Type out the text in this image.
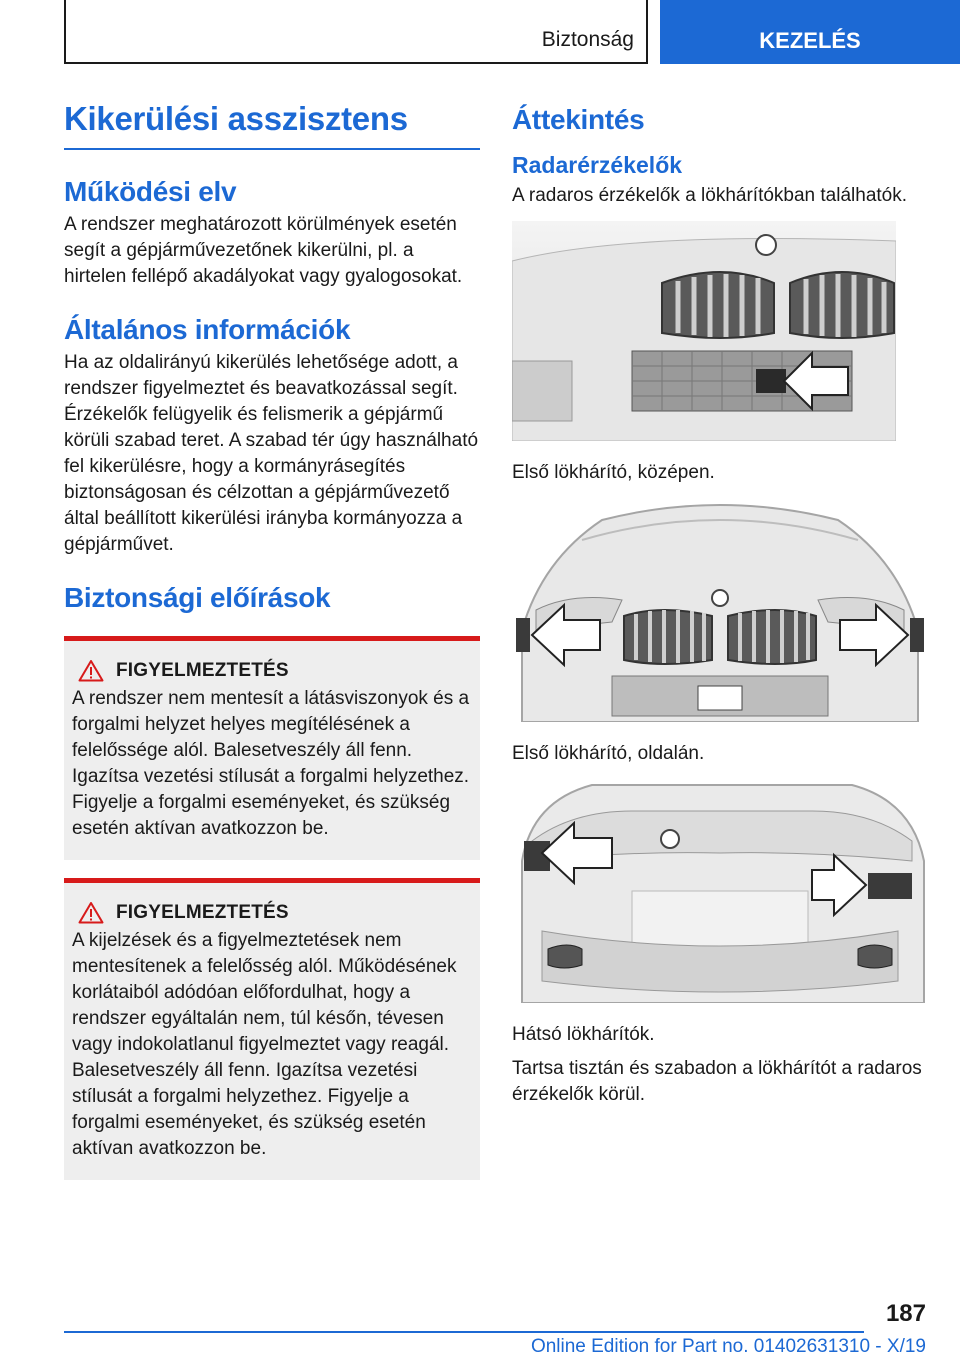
Biztonság	KEZELÉS
Kikerülési asszisztens
Működési elv

A rendszer meghatározott körülmények esetén segít a gépjárművezetőnek kikerülni, pl. a hirtelen fellépő akadályokat vagy gyalogosokat.

Általános információk

Ha az oldalirányú kikerülés lehetősége adott, a rendszer figyelmeztet és beavatkozással segít. Érzékelők felügyelik és felismerik a gépjármű körüli szabad teret. A szabad tér úgy használható fel kikerülésre, hogy a kormányrásegítés biztonságosan és célzottan a gépjárművezető által beállított kikerülési irányba kormányozza a gépjárművet.

Biztonsági előírások
FIGYELMEZTETÉS

A rendszer nem mentesít a látásviszonyok és a forgalmi helyzet helyes megítélésének a felelőssége alól. Balesetveszély áll fenn. Igazítsa vezetési stílusát a forgalmi helyzethez. Figyelje a forgalmi eseményeket, és szükség esetén aktívan avatkozzon be.

FIGYELMEZTETÉS

A kijelzések és a figyelmeztetések nem mentesítenek a felelősség alól. Működésének korlátaiból adódóan előfordulhat, hogy a rendszer egyáltalán nem, túl későn, tévesen vagy indokolatlanul figyelmeztet vagy reagál. Balesetveszély áll fenn. Igazítsa vezetési stílusát a forgalmi helyzethez. Figyelje a forgalmi eseményeket, és szükség esetén aktívan avatkozzon be.

Áttekintés
Radarérzékelők

A radaros érzékelők a lökhárítókban találhatók.

Első lökhárító, középen.

Első lökhárító, oldalán.

Hátsó lökhárítók.

Tartsa tisztán és szabadon a lökhárítót a radaros érzékelők körül.

187
Online Edition for Part no. 01402631310 - X/19
